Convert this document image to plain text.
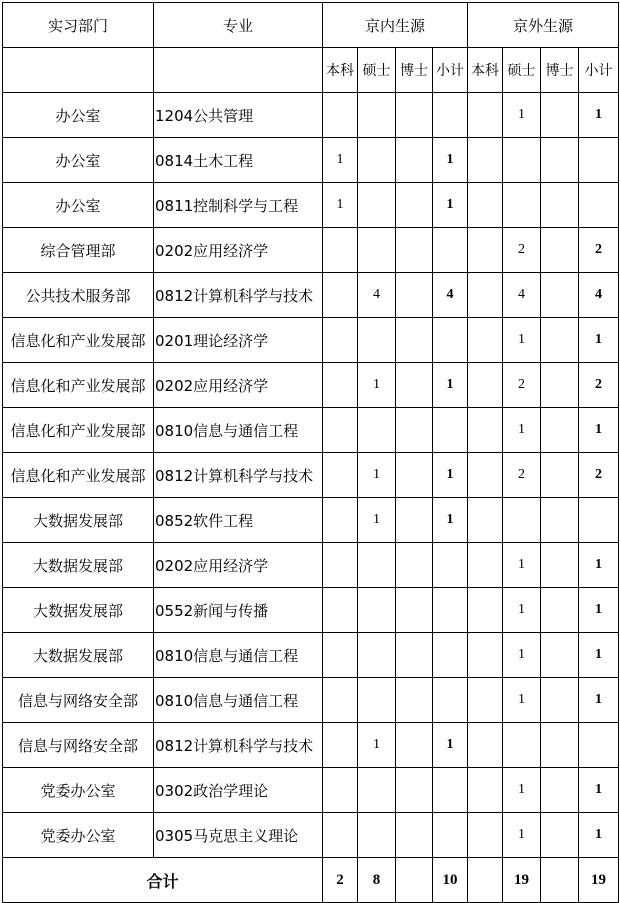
实习部门	专业	京内生源				京外生源			
		本科	硕士	博士	小计	本科	硕士	博士	小计
办公室	1204公共管理						1		1
办公室	0814土木工程	1			1				
办公室	0811控制科学与工程	1			1				
综合管理部	0202应用经济学						2		2
公共技术服务部	0812计算机科学与技术		4		4		4		4
信息化和产业发展部	0201理论经济学						1		1
信息化和产业发展部	0202应用经济学		1		1		2		2
信息化和产业发展部	0810信息与通信工程						1		1
信息化和产业发展部	0812计算机科学与技术		1		1		2		2
大数据发展部	0852软件工程		1		1				
大数据发展部	0202应用经济学						1		1
大数据发展部	0552新闻与传播						1		1
大数据发展部	0810信息与通信工程						1		1
信息与网络安全部	0810信息与通信工程						1		1
信息与网络安全部	0812计算机科学与技术		1		1				
党委办公室	0302政治学理论						1		1
党委办公室	0305马克思主义理论						1		1
合计		2	8		10		19		19
